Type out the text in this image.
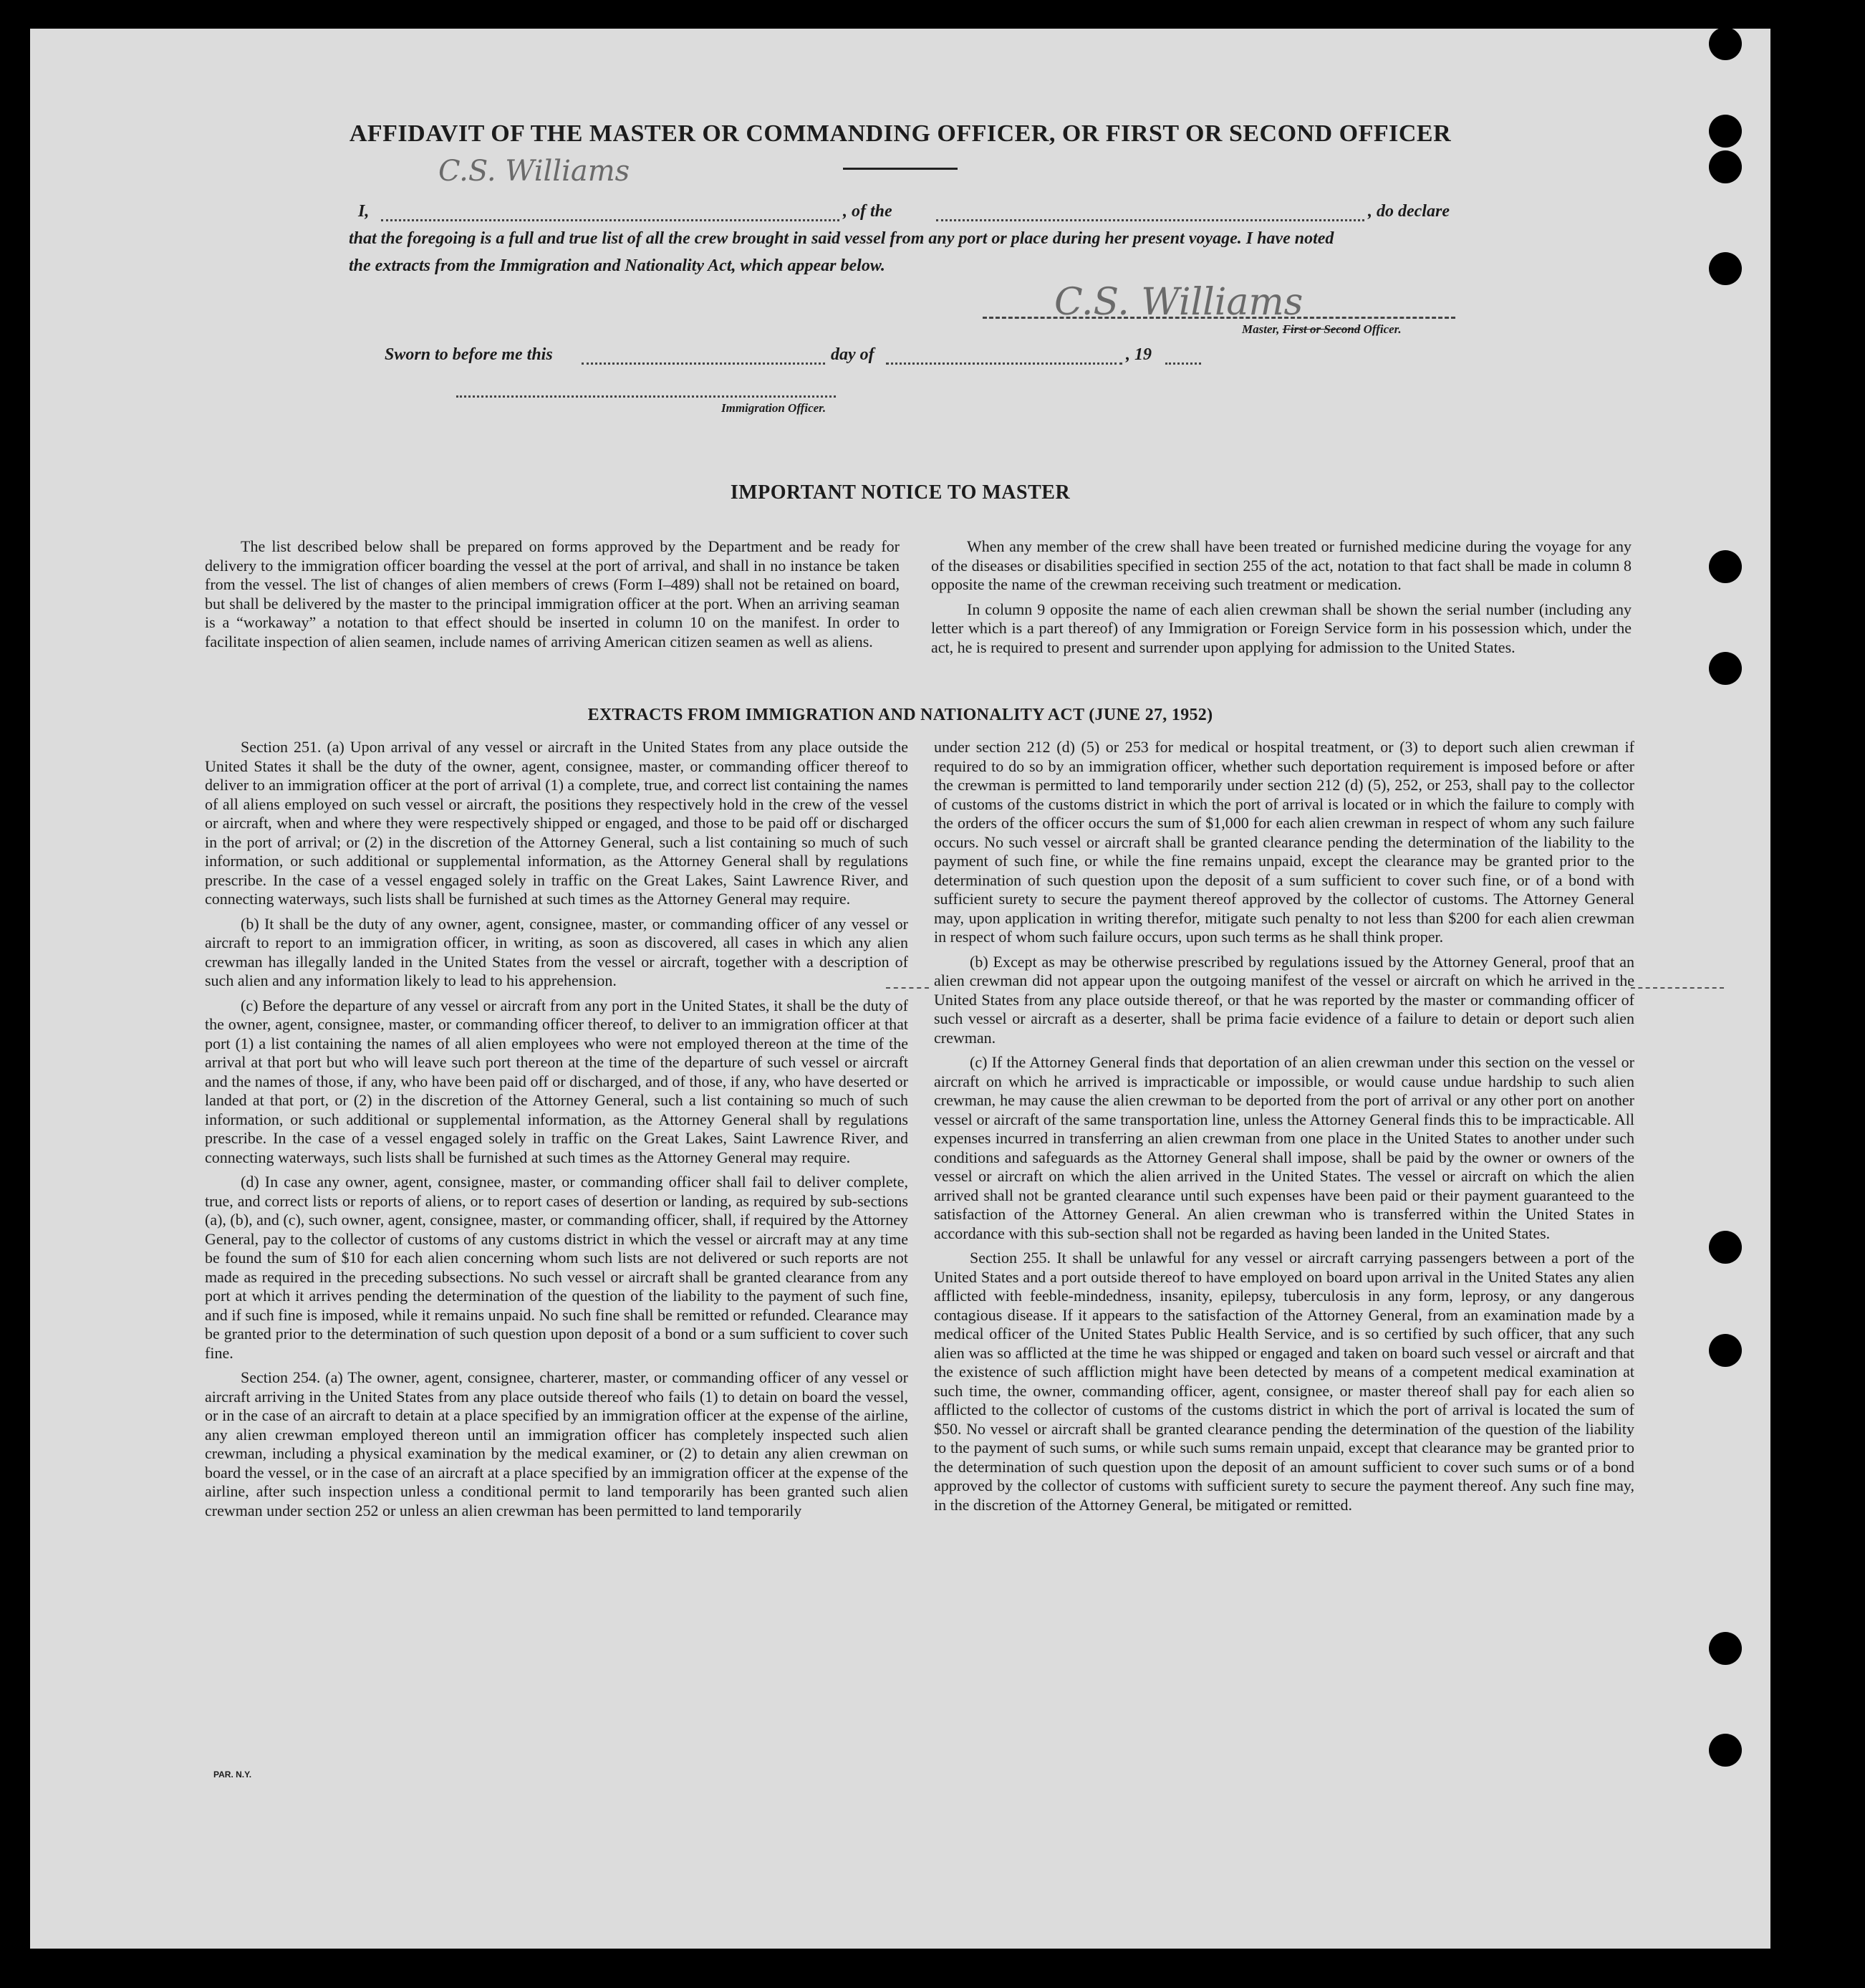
AFFIDAVIT OF THE MASTER OR COMMANDING OFFICER, OR FIRST OR SECOND OFFICER
C.S. Williams
I,	, of the	, do declare
that the foregoing is a full and true list of all the crew brought in said vessel from any port or place during her present voyage. I have noted
the extracts from the Immigration and Nationality Act, which appear below.
C.S. Williams
Master, First or Second Officer.
Sworn to before me this	day of	, 19
Immigration Officer.
IMPORTANT NOTICE TO MASTER

The list described below shall be prepared on forms approved by the Department and be ready for delivery to the immigration officer boarding the vessel at the port of arrival, and shall in no instance be taken from the vessel. The list of changes of alien members of crews (Form I–489) shall not be retained on board, but shall be delivered by the master to the principal immigration officer at the port. When an arriving seaman is a “workaway” a notation to that effect should be inserted in column 10 on the manifest. In order to facilitate inspection of alien seamen, include names of arriving American citizen seamen as well as aliens.

When any member of the crew shall have been treated or furnished medicine during the voyage for any of the diseases or disabilities specified in section 255 of the act, notation to that fact shall be made in column 8 opposite the name of the crewman receiving such treatment or medication.

In column 9 opposite the name of each alien crewman shall be shown the serial number (including any letter which is a part thereof) of any Immigration or Foreign Service form in his possession which, under the act, he is required to present and surrender upon applying for admission to the United States.

EXTRACTS FROM IMMIGRATION AND NATIONALITY ACT (JUNE 27, 1952)

Section 251. (a) Upon arrival of any vessel or aircraft in the United States from any place outside the United States it shall be the duty of the owner, agent, consignee, master, or commanding officer thereof to deliver to an immigration officer at the port of arrival (1) a complete, true, and correct list containing the names of all aliens employed on such vessel or aircraft, the positions they respectively hold in the crew of the vessel or aircraft, when and where they were respectively shipped or engaged, and those to be paid off or discharged in the port of arrival; or (2) in the discretion of the Attorney General, such a list containing so much of such information, or such additional or supplemental information, as the Attorney General shall by regulations prescribe. In the case of a vessel engaged solely in traffic on the Great Lakes, Saint Lawrence River, and connecting waterways, such lists shall be furnished at such times as the Attorney General may require.

(b) It shall be the duty of any owner, agent, consignee, master, or commanding officer of any vessel or aircraft to report to an immigration officer, in writing, as soon as discovered, all cases in which any alien crewman has illegally landed in the United States from the vessel or aircraft, together with a description of such alien and any information likely to lead to his apprehension.

(c) Before the departure of any vessel or aircraft from any port in the United States, it shall be the duty of the owner, agent, consignee, master, or commanding officer thereof, to deliver to an immigration officer at that port (1) a list containing the names of all alien employees who were not employed thereon at the time of the arrival at that port but who will leave such port thereon at the time of the departure of such vessel or aircraft and the names of those, if any, who have been paid off or discharged, and of those, if any, who have deserted or landed at that port, or (2) in the discretion of the Attorney General, such a list containing so much of such information, or such additional or supplemental information, as the Attorney General shall by regulations prescribe. In the case of a vessel engaged solely in traffic on the Great Lakes, Saint Lawrence River, and connecting waterways, such lists shall be furnished at such times as the Attorney General may require.

(d) In case any owner, agent, consignee, master, or commanding officer shall fail to deliver complete, true, and correct lists or reports of aliens, or to report cases of desertion or landing, as required by sub-sections (a), (b), and (c), such owner, agent, consignee, master, or commanding officer, shall, if required by the Attorney General, pay to the collector of customs of any customs district in which the vessel or aircraft may at any time be found the sum of $10 for each alien concerning whom such lists are not delivered or such reports are not made as required in the preceding subsections. No such vessel or aircraft shall be granted clearance from any port at which it arrives pending the determination of the question of the liability to the payment of such fine, and if such fine is imposed, while it remains unpaid. No such fine shall be remitted or refunded. Clearance may be granted prior to the determination of such question upon deposit of a bond or a sum sufficient to cover such fine.

Section 254. (a) The owner, agent, consignee, charterer, master, or commanding officer of any vessel or aircraft arriving in the United States from any place outside thereof who fails (1) to detain on board the vessel, or in the case of an aircraft to detain at a place specified by an immigration officer at the expense of the airline, any alien crewman employed thereon until an immigration officer has completely inspected such alien crewman, including a physical examination by the medical examiner, or (2) to detain any alien crewman on board the vessel, or in the case of an aircraft at a place specified by an immigration officer at the expense of the airline, after such inspection unless a conditional permit to land temporarily has been granted such alien crewman under section 252 or unless an alien crewman has been permitted to land temporarily

under section 212 (d) (5) or 253 for medical or hospital treatment, or (3) to deport such alien crewman if required to do so by an immigration officer, whether such deportation requirement is imposed before or after the crewman is permitted to land temporarily under section 212 (d) (5), 252, or 253, shall pay to the collector of customs of the customs district in which the port of arrival is located or in which the failure to comply with the orders of the officer occurs the sum of $1,000 for each alien crewman in respect of whom any such failure occurs. No such vessel or aircraft shall be granted clearance pending the determination of the liability to the payment of such fine, or while the fine remains unpaid, except the clearance may be granted prior to the determination of such question upon the deposit of a sum sufficient to cover such fine, or of a bond with sufficient surety to secure the payment thereof approved by the collector of customs. The Attorney General may, upon application in writing therefor, mitigate such penalty to not less than $200 for each alien crewman in respect of whom such failure occurs, upon such terms as he shall think proper.

(b) Except as may be otherwise prescribed by regulations issued by the Attorney General, proof that an alien crewman did not appear upon the outgoing manifest of the vessel or aircraft on which he arrived in the United States from any place outside thereof, or that he was reported by the master or commanding officer of such vessel or aircraft as a deserter, shall be prima facie evidence of a failure to detain or deport such alien crewman.

(c) If the Attorney General finds that deportation of an alien crewman under this section on the vessel or aircraft on which he arrived is impracticable or impossible, or would cause undue hardship to such alien crewman, he may cause the alien crewman to be deported from the port of arrival or any other port on another vessel or aircraft of the same transportation line, unless the Attorney General finds this to be impracticable. All expenses incurred in transferring an alien crewman from one place in the United States to another under such conditions and safeguards as the Attorney General shall impose, shall be paid by the owner or owners of the vessel or aircraft on which the alien arrived in the United States. The vessel or aircraft on which the alien arrived shall not be granted clearance until such expenses have been paid or their payment guaranteed to the satisfaction of the Attorney General. An alien crewman who is transferred within the United States in accordance with this sub-section shall not be regarded as having been landed in the United States.

Section 255. It shall be unlawful for any vessel or aircraft carrying passengers between a port of the United States and a port outside thereof to have employed on board upon arrival in the United States any alien afflicted with feeble-mindedness, insanity, epilepsy, tuberculosis in any form, leprosy, or any dangerous contagious disease. If it appears to the satisfaction of the Attorney General, from an examination made by a medical officer of the United States Public Health Service, and is so certified by such officer, that any such alien was so afflicted at the time he was shipped or engaged and taken on board such vessel or aircraft and that the existence of such affliction might have been detected by means of a competent medical examination at such time, the owner, commanding officer, agent, consignee, or master thereof shall pay for each alien so afflicted to the collector of customs of the customs district in which the port of arrival is located the sum of $50. No vessel or aircraft shall be granted clearance pending the determination of the question of the liability to the payment of such sums, or while such sums remain unpaid, except that clearance may be granted prior to the determination of such question upon the deposit of an amount sufficient to cover such sums or of a bond approved by the collector of customs with sufficient surety to secure the payment thereof. Any such fine may, in the discretion of the Attorney General, be mitigated or remitted.

PAR. N.Y.
